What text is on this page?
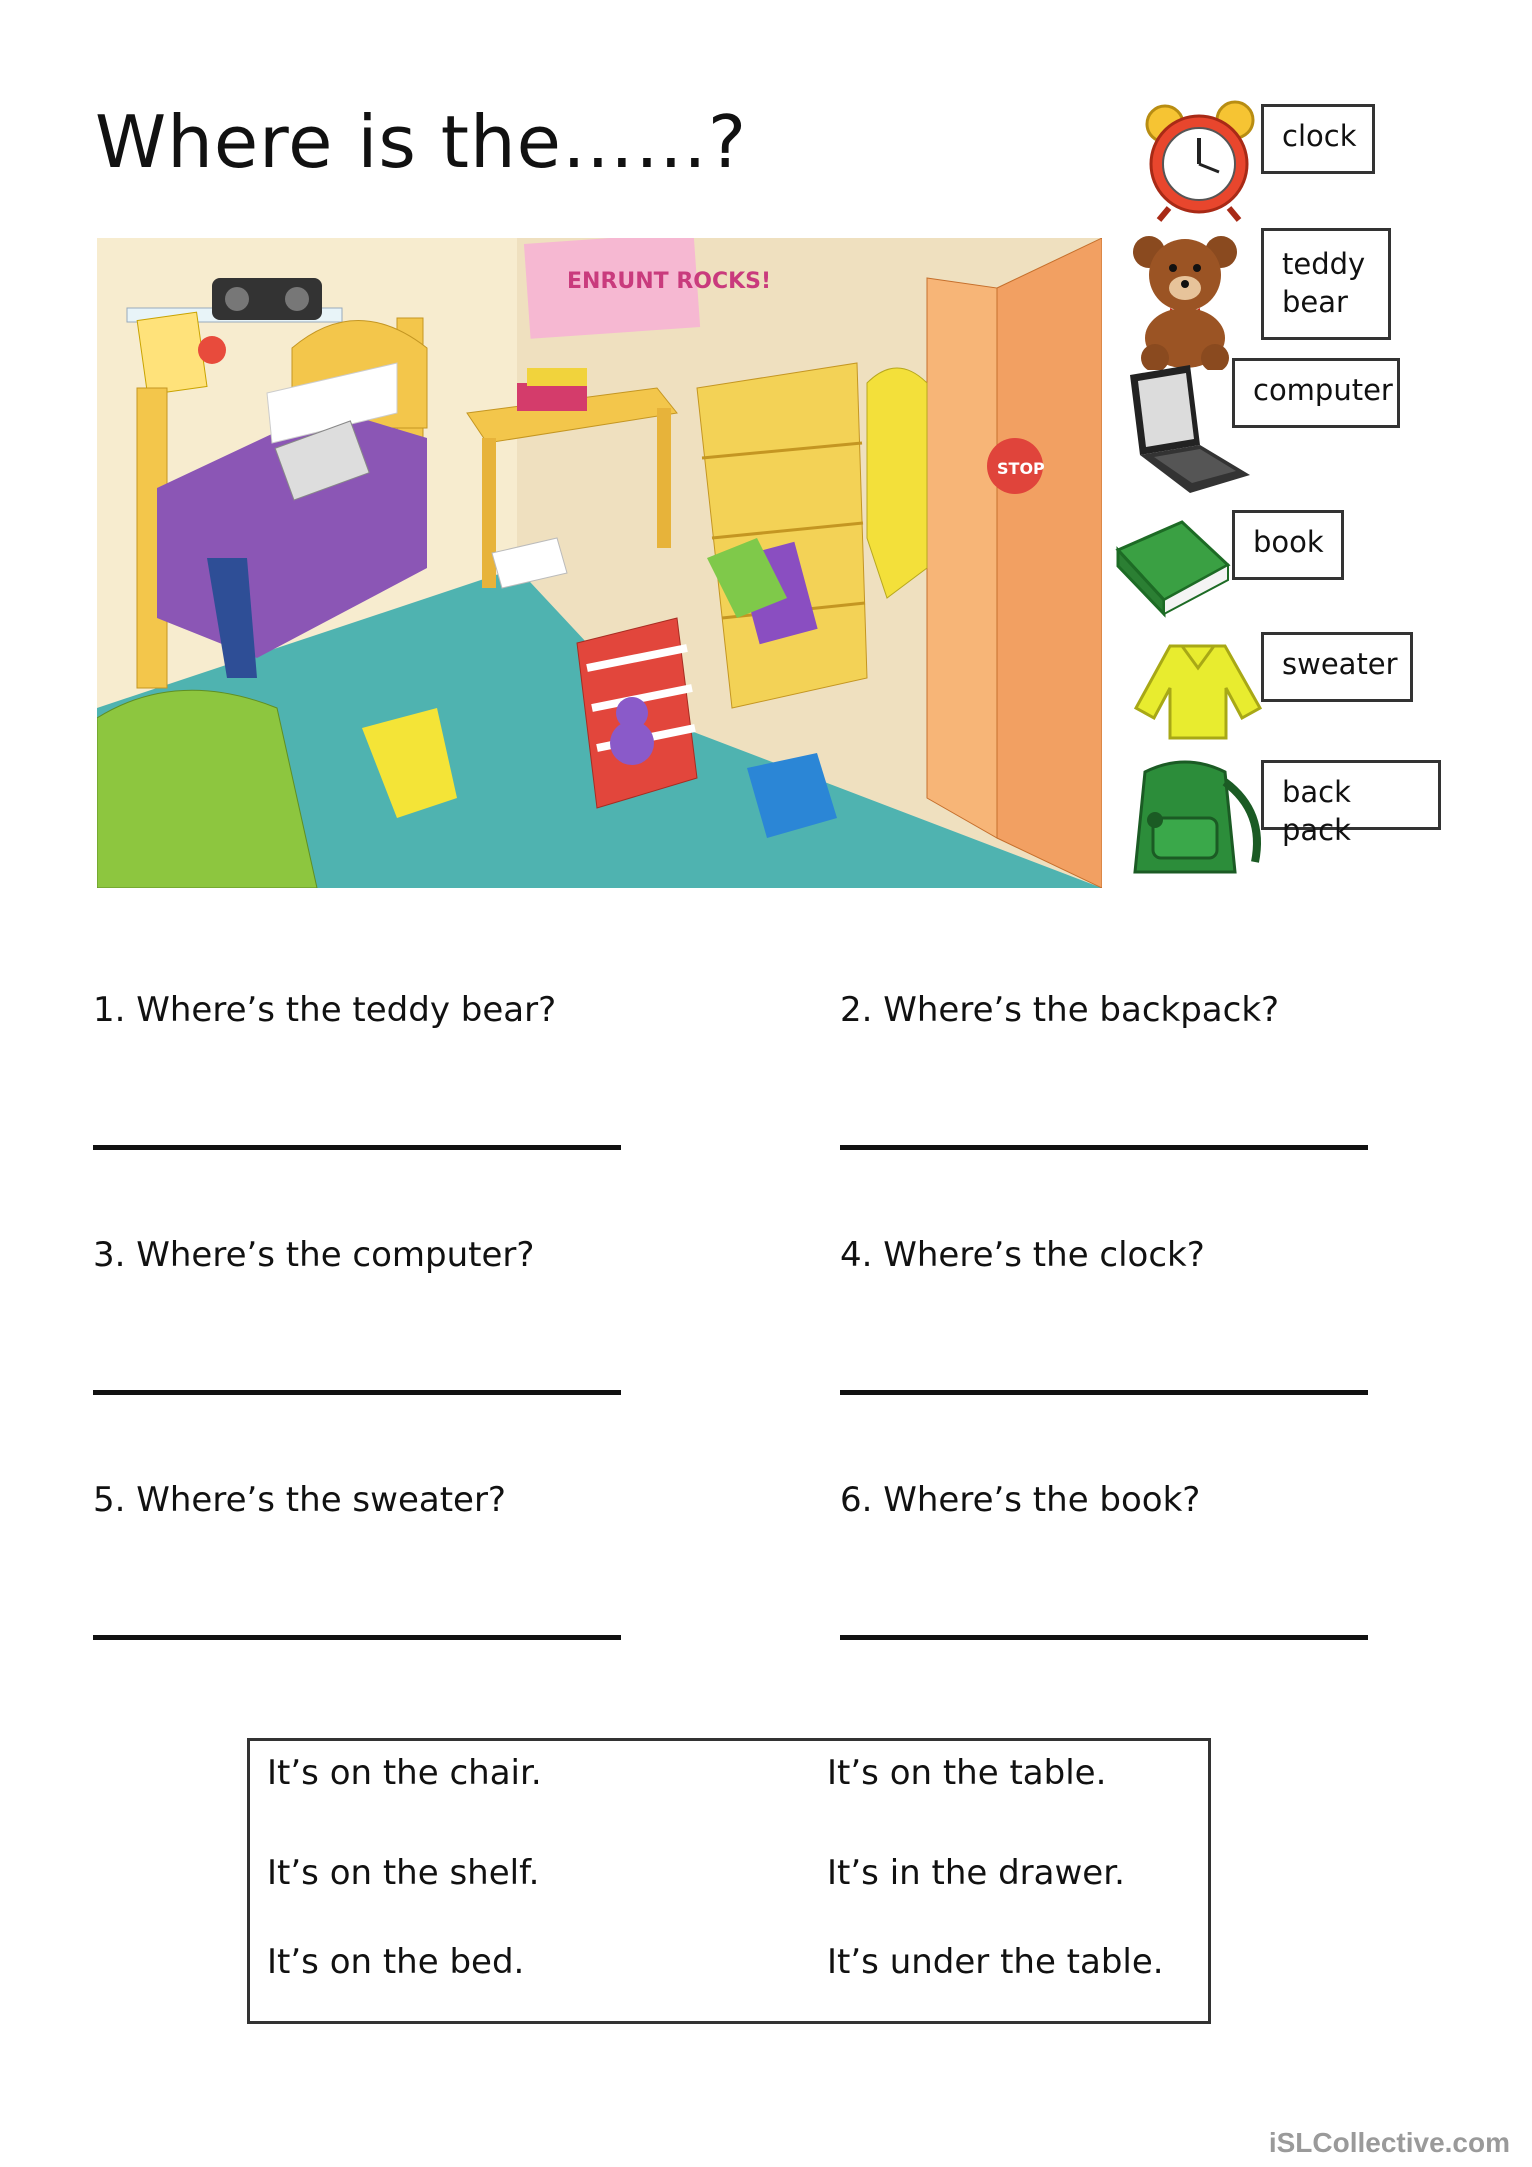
Where is the……?
ENRUNT ROCKS!
STOP
clock
teddy
bear
computer
book
sweater
back pack
1. Where’s the teddy bear?	2. Where’s the backpack?
3. Where’s the computer?	4. Where’s the clock?
5. Where’s the sweater?	6. Where’s the book?
It’s on the chair.	It’s on the table.
It’s on the shelf.	It’s in the drawer.
It’s on the bed.	It’s under the table.
iSLCollective.com
